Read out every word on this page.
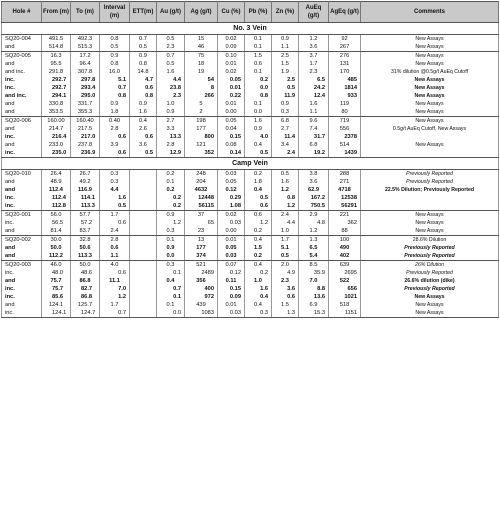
Hole #	From (m)	To (m)	Interval (m)	ETT(m)	Au (g/t)	Ag (g/t)	Cu (%)	Pb (%)	Zn (%)	AuEq (g/t)	AgEq (g/t)	Comments
No. 3 Vein												
SQ20-004	491.5	492.3	0.8	0.7	0.5	15	0.02	0.1	0.9	1.2	92	New Assays
and	514.8	515.3	0.5	0.5	2.3	46	0.09	0.1	1.1	3.6	267	New Assays
SQ20-005	16.3	17.2	0.9	0.9	0.7	75	0.10	1.5	2.5	3.7	276	New Assays
and	95.5	96.4	0.8	0.8	0.5	18	0.01	0.6	1.5	1.7	131	New Assays
and inc.	291.8	307.8	16.0	14.8	1.6	19	0.02	0.1	1.9	2.3	170	31% dilution @0.5g/t AuEq Cutoff
inc.	292.7	297.8	5.1	4.7	4.4	54	0.05	0.2	2.5	6.5	485	New Assays
inc.	292.7	293.4	0.7	0.6	23.8	8	0.01	0.0	0.5	24.2	1814	New Assays
and inc.	294.1	295.0	0.8	0.8	2.3	266	0.22	0.8	11.9	12.4	933	New Assays
and	330.8	331.7	0.9	0.9	1.0	5	0.01	0.1	0.9	1.6	119	New Assays
and	353.5	355.3	1.8	1.6	0.9	2	0.00	0.0	0.3	1.1	80	New Assays
SQ20-006	160.00	160.40	0.40	0.4	2.7	198	0.05	1.6	6.8	9.6	719	New Assays
and	214.7	217.5	2.8	2.6	3.3	177	0.04	0.9	2.7	7.4	556	0.5g/t AuEq Cutoff, New Assays
inc.	216.4	217.0	0.6	0.6	13.3	800	0.15	4.0	11.4	31.7	2378	
and	233.0	237.8	3.9	3.6	2.8	121	0.08	0.4	3.4	6.8	514	New Assays
inc.	235.0	236.9	0.6	0.5	12.9	352	0.14	0.5	2.4	19.2	1439	
Camp Vein												
SQ20-010	26.4	26.7	0.3		0.2	248	0.03	0.2	0.5	3.8	288	Previously Reported
and	48.9	49.2	0.3		0.1	204	0.05	1.8	1.6	3.6	271	Previously Reported
and	112.4	116.9	4.4		0.2	4632	0.12	0.4	1.2	62.9	4718	22.5% Dilution; Previously Reported
inc.	112.4	114.1	1.6		0.2	12448	0.29	0.5	0.8	167.2	12538	
inc.	112.8	113.3	0.5		0.2	56115	1.08	0.6	1.2	750.5	56291	
SQ20-001	56.0	57.7	1.7		0.9	37	0.02	0.6	2.4	2.9	221	New Assays
inc.	56.5	57.2	0.6		1.2	65	0.03	1.2	4.4	4.8	362	New Assays
and	81.4	83.7	2.4		0.3	23	0.00	0.2	1.0	1.2	88	New Assays
SQ20-002	30.0	32.8	2.8		0.1	13	0.01	0.4	1.7	1.3	100	28.6% Dilution
and	50.0	50.6	0.6		0.9	177	0.05	1.5	5.1	6.5	490	Previously Reported
and	112.2	113.3	1.1		0.0	374	0.03	0.2	0.5	5.4	402	Previously Reported
SQ20-003	46.0	50.0	4.0		0.3	521	0.07	0.4	2.0	8.5	639	26% Dilution
inc.	48.0	48.6	0.6		0.1	2489	0.12	0.2	4.9	35.9	2695	Previously Reported
and	75.7	86.8	11.1		0.4	356	0.11	1.0	2.3	7.0	522	26.6% dilution (dike)
inc.	75.7	82.7	7.0		0.7	400	0.15	1.6	3.6	8.8	656	Previously Reported
inc.	85.6	86.8	1.2		0.1	972	0.09	0.4	0.6	13.6	1021	New Assays
and	124.1	125.7	1.7		0.1	439	0.01	0.4	1.5	6.9	518	New Assays
inc.	124.1	124.7	0.7		0.0	1083	0.03	0.3	1.3	15.3	1151	New Assays
